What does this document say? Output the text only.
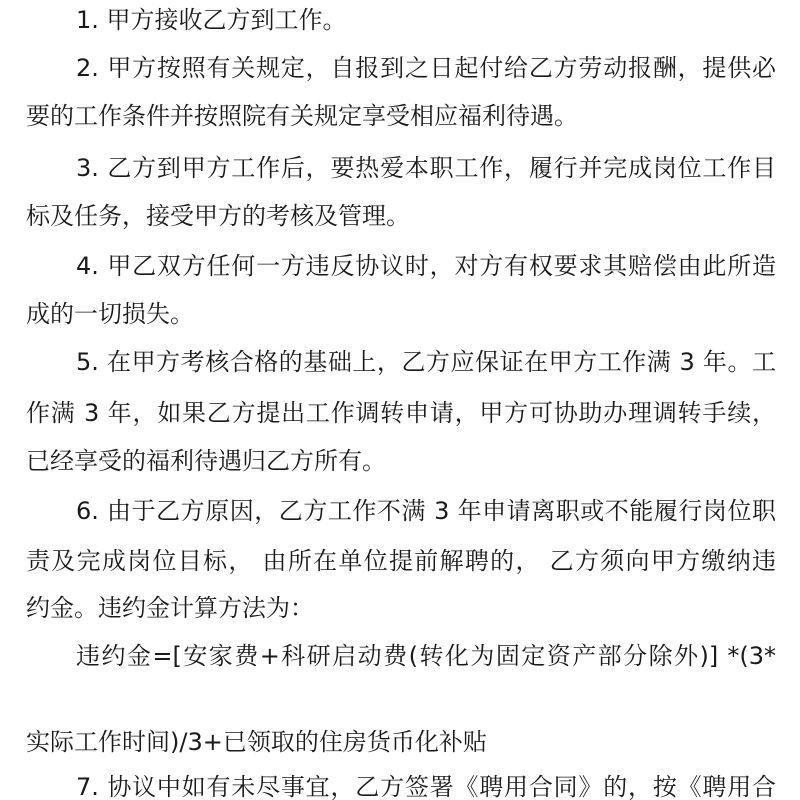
1. 甲方接收乙方到工作。
2. 甲方按照有关规定，自报到之日起付给乙方劳动报酬，提供必
要的工作条件并按照院有关规定享受相应福利待遇。
3. 乙方到甲方工作后，要热爱本职工作，履行并完成岗位工作目
标及任务，接受甲方的考核及管理。
4. 甲乙双方任何一方违反协议时，对方有权要求其赔偿由此所造
成的一切损失。
5. 在甲方考核合格的基础上，乙方应保证在甲方工作满 3 年。工
作满 3 年，如果乙方提出工作调转申请，甲方可协助办理调转手续，
已经享受的福利待遇归乙方所有。
6. 由于乙方原因，乙方工作不满 3 年申请离职或不能履行岗位职
责及完成岗位目标， 由所在单位提前解聘的， 乙方须向甲方缴纳违
约金。违约金计算方法为：
违约金=[安家费+科研启动费(转化为固定资产部分除外)] *(3*
实际工作时间)/3+已领取的住房货币化补贴
7. 协议中如有未尽事宜，乙方签署《聘用合同》的，按《聘用合
